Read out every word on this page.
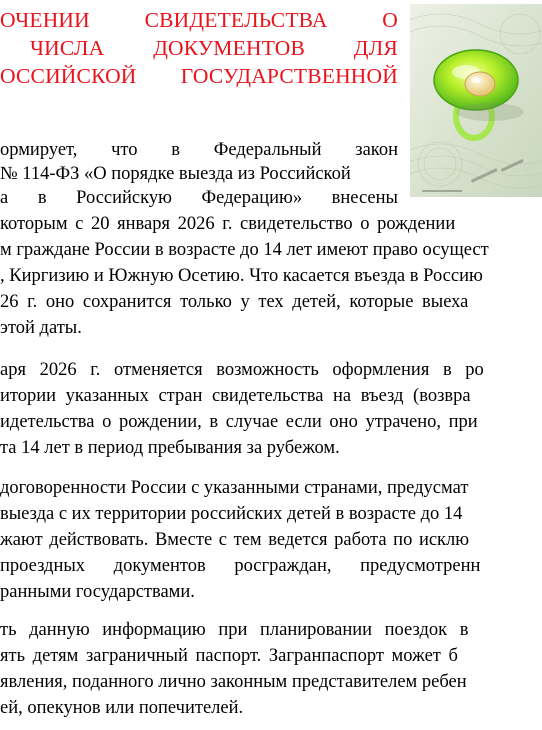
ОЧЕНИИ	СВИДЕТЕЛЬСТВА	О
ЧИСЛА ДОКУМЕНТОВ ДЛЯ
ОССИЙСКОЙ ГОСУДАРСТВЕННОЙ
ормирует, что в Федеральный закон
№ 114-ФЗ «О порядке выезда из Российской
а в Российскую Федерацию» внесены
которым с 20 января 2026 г. свидетельство о рождении
м граждане России в возрасте до 14 лет имеют право осущест
, Киргизию и Южную Осетию. Что касается въезда в Россию
26 г. оно сохранится только у тех детей, которые выеха
этой даты.
аря 2026 г. отменяется возможность оформления в ро
итории указанных стран свидетельства на въезд (возвра
идетельства о рождении, в случае если оно утрачено, при
та 14 лет в период пребывания за рубежом.
договоренности России с указанными странами, предусмат
выезда с их территории российских детей в возрасте до 14
жают действовать. Вместе с тем ведется работа по исклю
проездных документов росграждан, предусмотренн
ранными государствами.
ть данную информацию при планировании поездок в
ять детям заграничный паспорт. Загранпаспорт может б
явления, поданного лично законным представителем ребен
ей, опекунов или попечителей.
